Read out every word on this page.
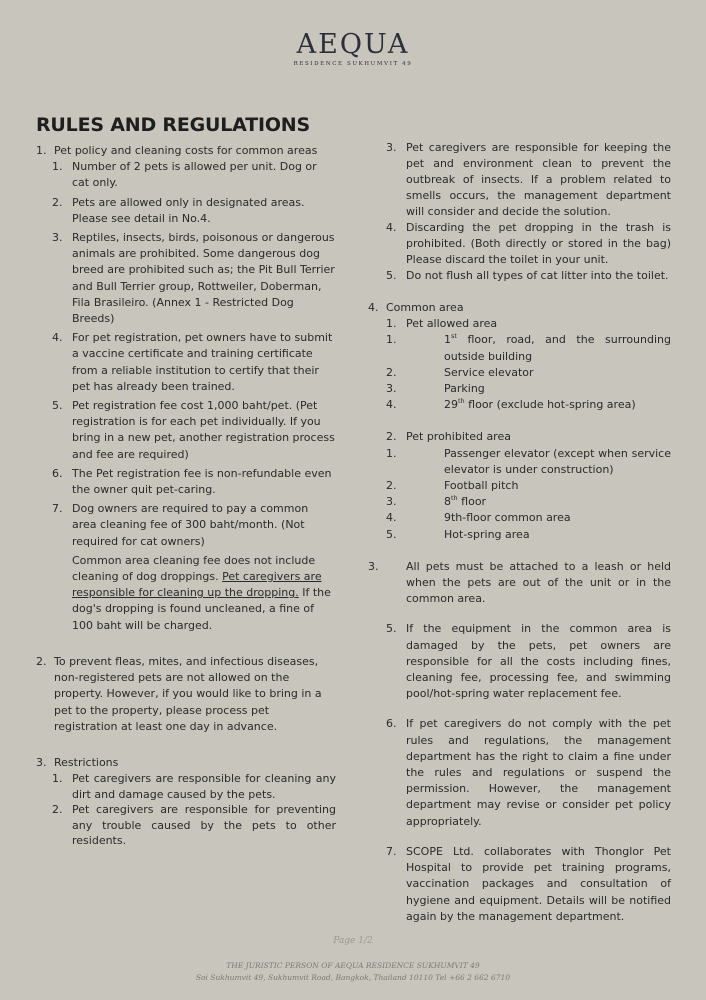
AEQUA
RESIDENCE SUKHUMVIT 49
RULES AND REGULATIONS
1. Pet policy and cleaning costs for common areas
1. Number of 2 pets is allowed per unit. Dog or cat only.
2. Pets are allowed only in designated areas. Please see detail in No.4.
3. Reptiles, insects, birds, poisonous or dangerous animals are prohibited. Some dangerous dog breed are prohibited such as; the Pit Bull Terrier and Bull Terrier group, Rottweiler, Doberman, Fila Brasileiro. (Annex 1 - Restricted Dog Breeds)
4. For pet registration, pet owners have to submit a vaccine certificate and training certificate from a reliable institution to certify that their pet has already been trained.
5. Pet registration fee cost 1,000 baht/pet. (Pet registration is for each pet individually. If you bring in a new pet, another registration process and fee are required)
6. The Pet registration fee is non-refundable even the owner quit pet-caring.
7. Dog owners are required to pay a common area cleaning fee of 300 baht/month. (Not required for cat owners)
Common area cleaning fee does not include cleaning of dog droppings. Pet caregivers are responsible for cleaning up the dropping. If the dog's dropping is found uncleaned, a fine of 100 baht will be charged.
2. To prevent fleas, mites, and infectious diseases, non-registered pets are not allowed on the property. However, if you would like to bring in a pet to the property, please process pet registration at least one day in advance.
3. Restrictions
1. Pet caregivers are responsible for cleaning any dirt and damage caused by the pets.
2. Pet caregivers are responsible for preventing any trouble caused by the pets to other residents.
3. Pet caregivers are responsible for keeping the pet and environment clean to prevent the outbreak of insects. If a problem related to smells occurs, the management department will consider and decide the solution.
4. Discarding the pet dropping in the trash is prohibited. (Both directly or stored in the bag) Please discard the toilet in your unit.
5. Do not flush all types of cat litter into the toilet.
4. Common area
1. Pet allowed area
1.	1st floor, road, and the surrounding outside building
2.	Service elevator
3.	Parking
4.	29th floor (exclude hot-spring area)
2. Pet prohibited area
1.	Passenger elevator (except when service elevator is under construction)
2.	Football pitch
3.	8th floor
4.	9th-floor common area
5.	Hot-spring area
3.	All pets must be attached to a leash or held when the pets are out of the unit or in the common area.
5. If the equipment in the common area is damaged by the pets, pet owners are responsible for all the costs including fines, cleaning fee, processing fee, and swimming pool/hot-spring water replacement fee.
6. If pet caregivers do not comply with the pet rules and regulations, the management department has the right to claim a fine under the rules and regulations or suspend the permission. However, the management department may revise or consider pet policy appropriately.
7. SCOPE Ltd. collaborates with Thonglor Pet Hospital to provide pet training programs, vaccination packages and consultation of hygiene and equipment. Details will be notified again by the management department.
Page 1/2
THE JURISTIC PERSON OF AEQUA RESIDENCE SUKHUMVIT 49
Soi Sukhumvit 49, Sukhumvit Road, Bangkok, Thailand 10110 Tel +66 2 662 6710
